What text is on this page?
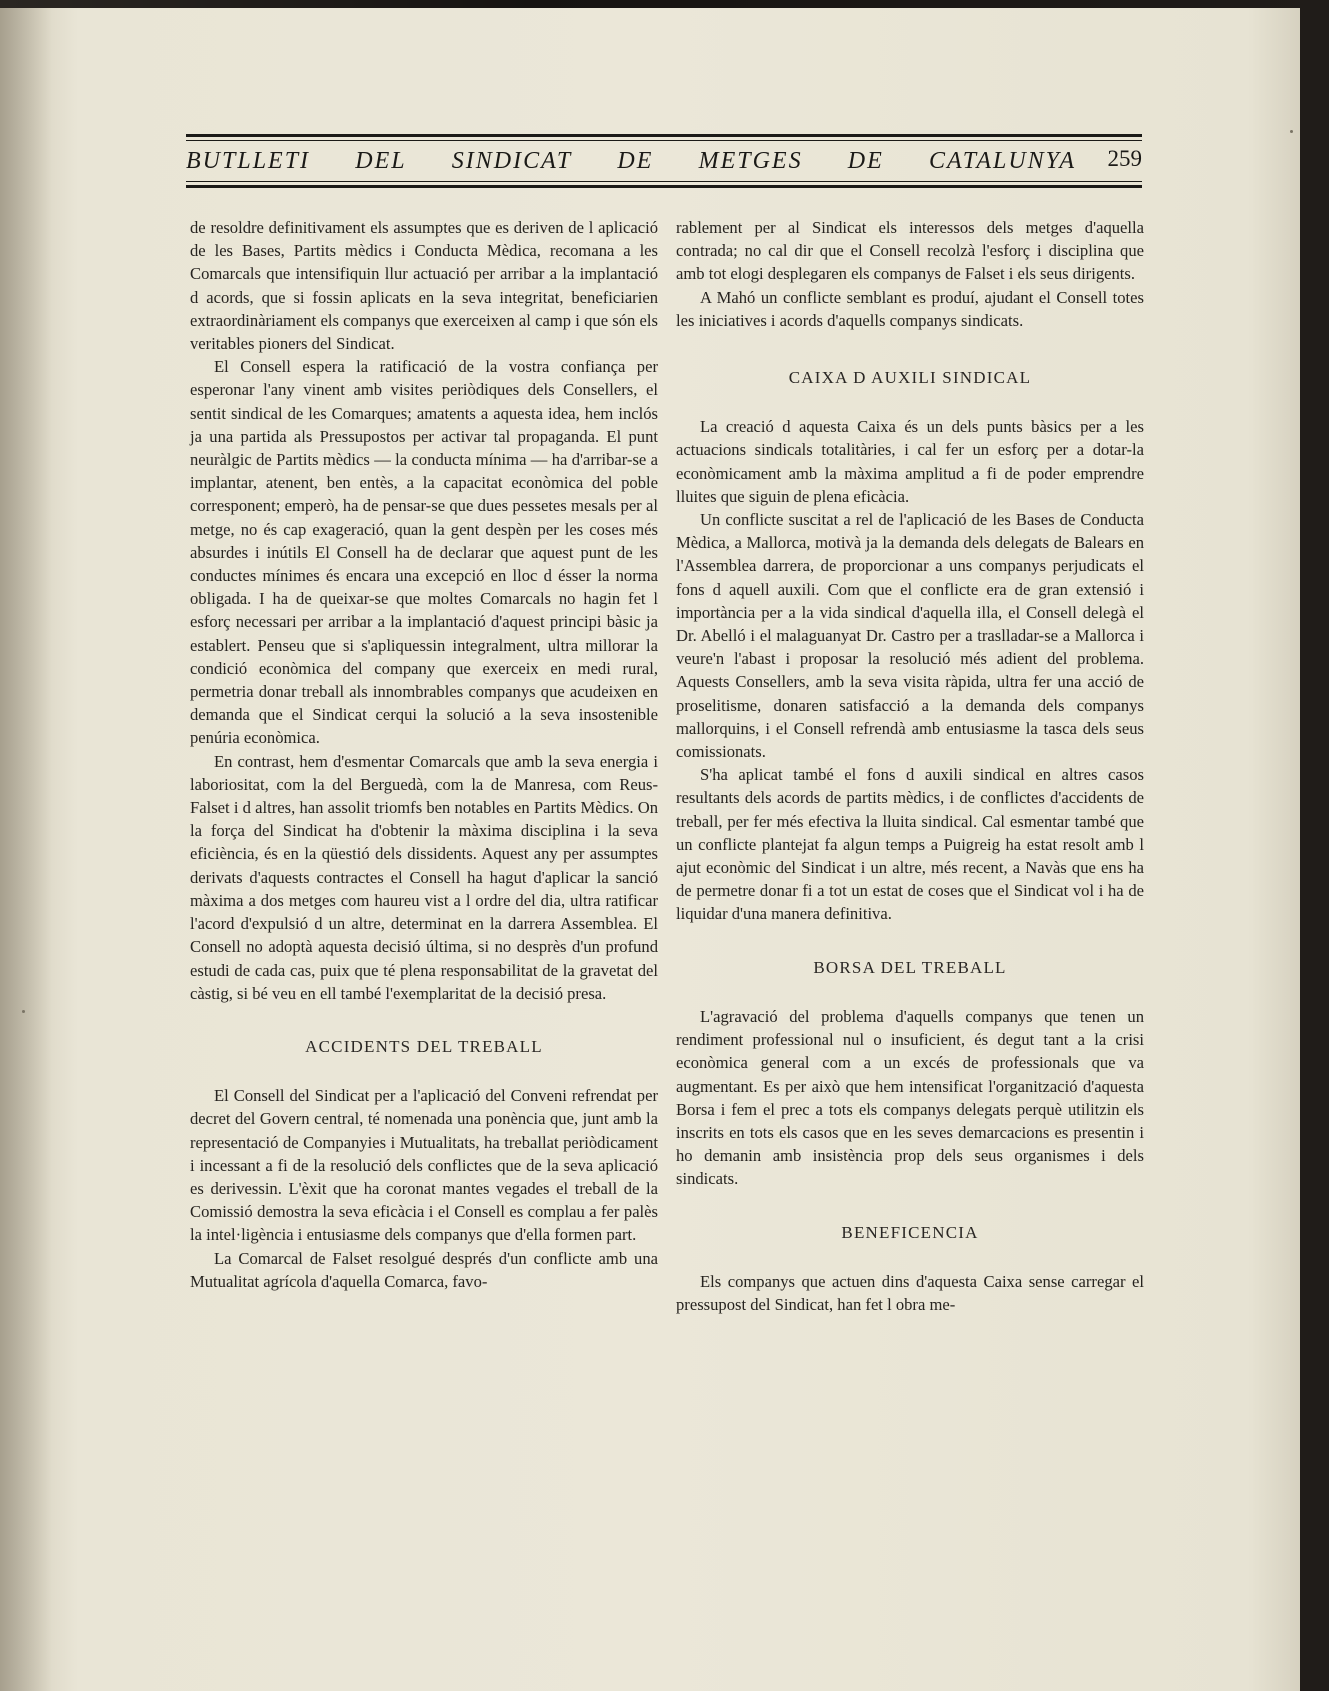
BUTLLETI DEL SINDICAT DE METGES DE CATALUNYA 259

de resoldre definitivament els assumptes que es deriven de l aplicació de les Bases, Partits mèdics i Conducta Mèdica, recomana a les Comarcals que intensifiquin llur actuació per arribar a la implantació d acords, que si fossin aplicats en la seva integritat, beneficiarien extraordinàriament els companys que exerceixen al camp i que són els veritables pioners del Sindicat.

El Consell espera la ratificació de la vostra confiança per esperonar l'any vinent amb visites periòdiques dels Consellers, el sentit sindical de les Comarques; amatents a aquesta idea, hem inclós ja una partida als Pressupostos per activar tal propaganda. El punt neuràlgic de Partits mèdics — la conducta mínima — ha d'arribar-se a implantar, atenent, ben entès, a la capacitat econòmica del poble corresponent; emperò, ha de pensar-se que dues pessetes mesals per al metge, no és cap exageració, quan la gent despèn per les coses més absurdes i inútils El Consell ha de declarar que aquest punt de les conductes mínimes és encara una excepció en lloc d ésser la norma obligada. I ha de queixar-se que moltes Comarcals no hagin fet l esforç necessari per arribar a la implantació d'aquest principi bàsic ja establert. Penseu que si s'apliquessin integralment, ultra millorar la condició econòmica del company que exerceix en medi rural, permetria donar treball als innombrables companys que acudeixen en demanda que el Sindicat cerqui la solució a la seva insostenible penúria econòmica.

En contrast, hem d'esmentar Comarcals que amb la seva energia i laboriositat, com la del Berguedà, com la de Manresa, com Reus-Falset i d altres, han assolit triomfs ben notables en Partits Mèdics. On la força del Sindicat ha d'obtenir la màxima disciplina i la seva eficiència, és en la qüestió dels dissidents. Aquest any per assumptes derivats d'aquests contractes el Consell ha hagut d'aplicar la sanció màxima a dos metges com haureu vist a l ordre del dia, ultra ratificar l'acord d'expulsió d un altre, determinat en la darrera Assemblea. El Consell no adoptà aquesta decisió última, si no desprès d'un profund estudi de cada cas, puix que té plena responsabilitat de la gravetat del càstig, si bé veu en ell també l'exemplaritat de la decisió presa.

ACCIDENTS DEL TREBALL

El Consell del Sindicat per a l'aplicació del Conveni refrendat per decret del Govern central, té nomenada una ponència que, junt amb la representació de Companyies i Mutualitats, ha treballat periòdicament i incessant a fi de la resolució dels conflictes que de la seva aplicació es derivessin. L'èxit que ha coronat mantes vegades el treball de la Comissió demostra la seva eficàcia i el Consell es complau a fer palès la intel·ligència i entusiasme dels companys que d'ella formen part.

La Comarcal de Falset resolgué després d'un conflicte amb una Mutualitat agrícola d'aquella Comarca, favo-

rablement per al Sindicat els interessos dels metges d'aquella contrada; no cal dir que el Consell recolzà l'esforç i disciplina que amb tot elogi desplegaren els companys de Falset i els seus dirigents.

A Mahó un conflicte semblant es produí, ajudant el Consell totes les iniciatives i acords d'aquells companys sindicats.

CAIXA D AUXILI SINDICAL

La creació d aquesta Caixa és un dels punts bàsics per a les actuacions sindicals totalitàries, i cal fer un esforç per a dotar-la econòmicament amb la màxima amplitud a fi de poder emprendre lluites que siguin de plena eficàcia.

Un conflicte suscitat a rel de l'aplicació de les Bases de Conducta Mèdica, a Mallorca, motivà ja la demanda dels delegats de Balears en l'Assemblea darrera, de proporcionar a uns companys perjudicats el fons d aquell auxili. Com que el conflicte era de gran extensió i importància per a la vida sindical d'aquella illa, el Consell delegà el Dr. Abelló i el malaguanyat Dr. Castro per a traslladar-se a Mallorca i veure'n l'abast i proposar la resolució més adient del problema. Aquests Consellers, amb la seva visita ràpida, ultra fer una acció de proselitisme, donaren satisfacció a la demanda dels companys mallorquins, i el Consell refrendà amb entusiasme la tasca dels seus comissionats.

S'ha aplicat també el fons d auxili sindical en altres casos resultants dels acords de partits mèdics, i de conflictes d'accidents de treball, per fer més efectiva la lluita sindical. Cal esmentar també que un conflicte plantejat fa algun temps a Puigreig ha estat resolt amb l ajut econòmic del Sindicat i un altre, més recent, a Navàs que ens ha de permetre donar fi a tot un estat de coses que el Sindicat vol i ha de liquidar d'una manera definitiva.

BORSA DEL TREBALL

L'agravació del problema d'aquells companys que tenen un rendiment professional nul o insuficient, és degut tant a la crisi econòmica general com a un excés de professionals que va augmentant. Es per això que hem intensificat l'organització d'aquesta Borsa i fem el prec a tots els companys delegats perquè utilitzin els inscrits en tots els casos que en les seves demarcacions es presentin i ho demanin amb insistència prop dels seus organismes i dels sindicats.

BENEFICENCIA

Els companys que actuen dins d'aquesta Caixa sense carregar el pressupost del Sindicat, han fet l obra me-
